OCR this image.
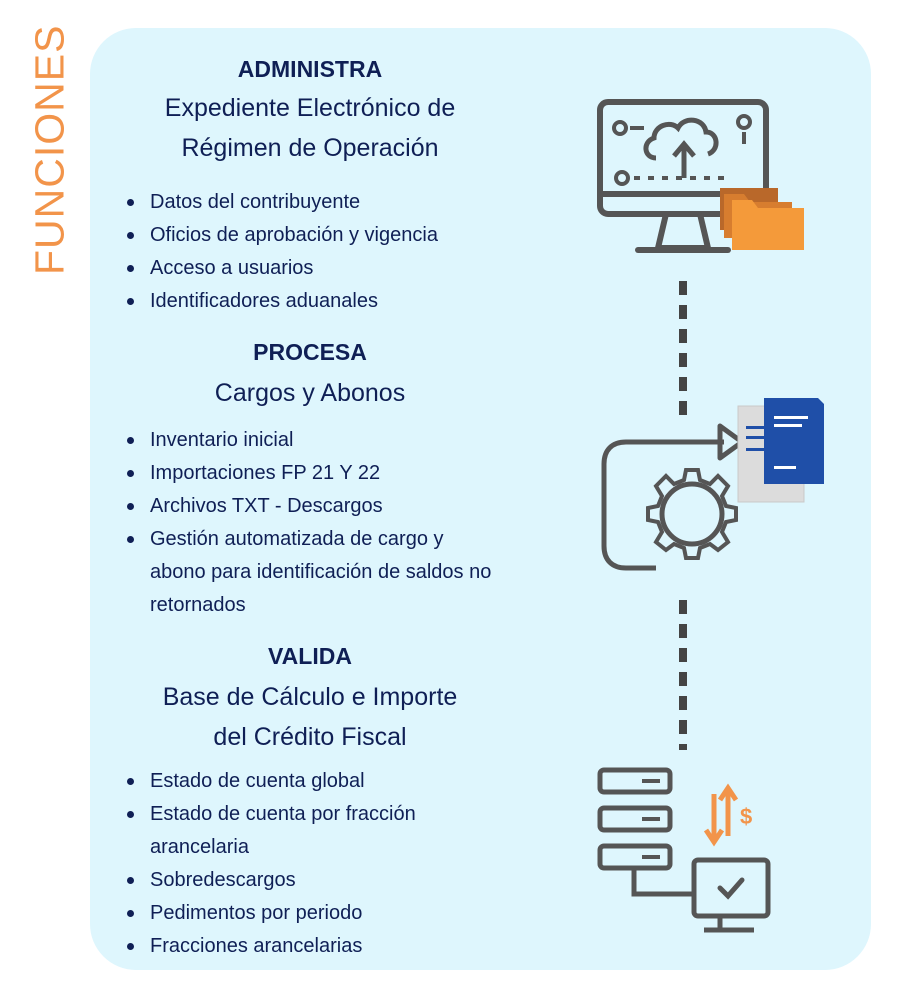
FUNCIONES	ADMINISTRA
Expediente Electrónico de
Régimen de Operación
Datos del contribuyente
Oficios de aprobación y vigencia
Acceso a usuarios
Identificadores aduanales
PROCESA
Cargos y Abonos
Inventario inicial
Importaciones FP 21 Y 22
Archivos TXT - Descargos
Gestión automatizada de cargo y abono para identificación de saldos no retornados
VALIDA
Base de Cálculo e Importe
del Crédito Fiscal
Estado de cuenta global
Estado de cuenta por fracción arancelaria
Sobredescargos
Pedimentos por periodo
Fracciones arancelarias
$
